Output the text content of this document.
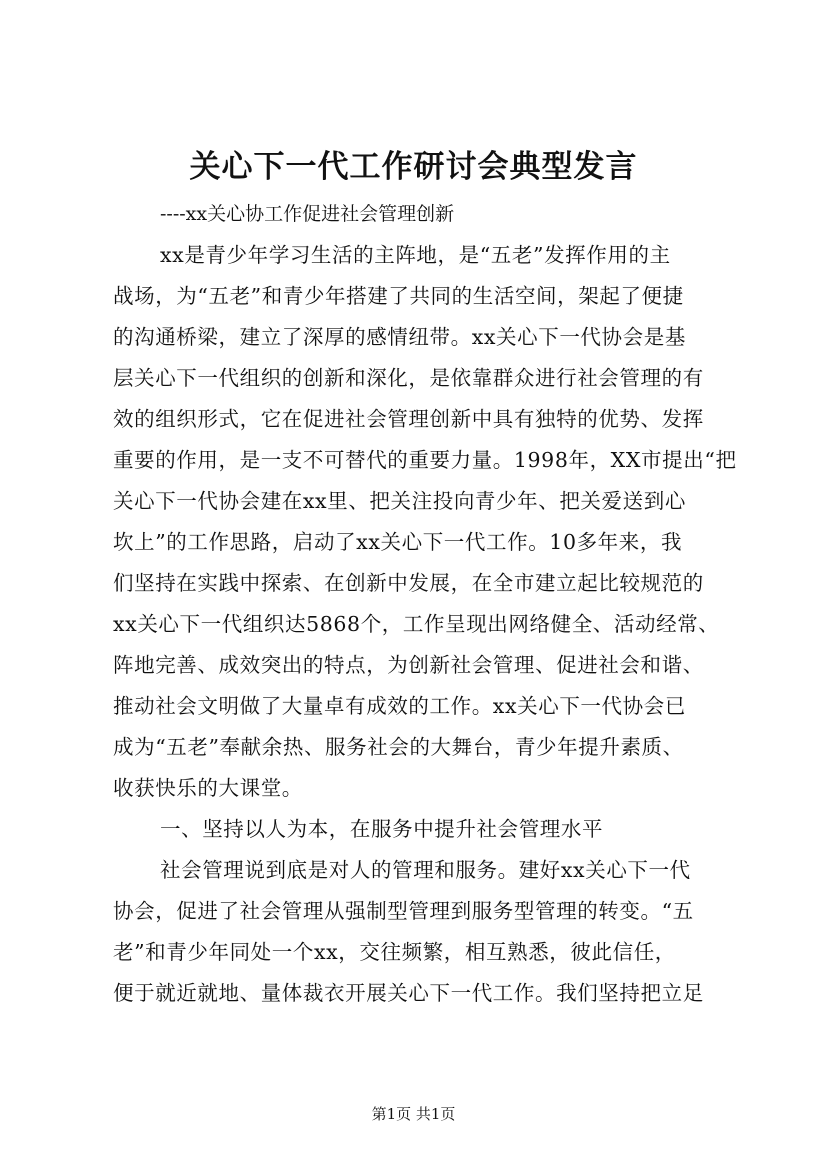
关心下一代工作研讨会典型发言
----xx关心协工作促进社会管理创新
xx是青少年学习生活的主阵地，是“五老”发挥作用的主
战场，为“五老”和青少年搭建了共同的生活空间，架起了便捷
的沟通桥梁，建立了深厚的感情纽带。xx关心下一代协会是基
层关心下一代组织的创新和深化，是依靠群众进行社会管理的有
效的组织形式，它在促进社会管理创新中具有独特的优势、发挥
重要的作用，是一支不可替代的重要力量。1998年，XX市提出“把
关心下一代协会建在xx里、把关注投向青少年、把关爱送到心
坎上”的工作思路，启动了xx关心下一代工作。10多年来，我
们坚持在实践中探索、在创新中发展，在全市建立起比较规范的
xx关心下一代组织达5868个，工作呈现出网络健全、活动经常、
阵地完善、成效突出的特点，为创新社会管理、促进社会和谐、
推动社会文明做了大量卓有成效的工作。xx关心下一代协会已
成为“五老”奉献余热、服务社会的大舞台，青少年提升素质、
收获快乐的大课堂。
一、坚持以人为本，在服务中提升社会管理水平
社会管理说到底是对人的管理和服务。建好xx关心下一代
协会，促进了社会管理从强制型管理到服务型管理的转变。“五
老”和青少年同处一个xx，交往频繁，相互熟悉，彼此信任，
便于就近就地、量体裁衣开展关心下一代工作。我们坚持把立足
第1页 共1页
